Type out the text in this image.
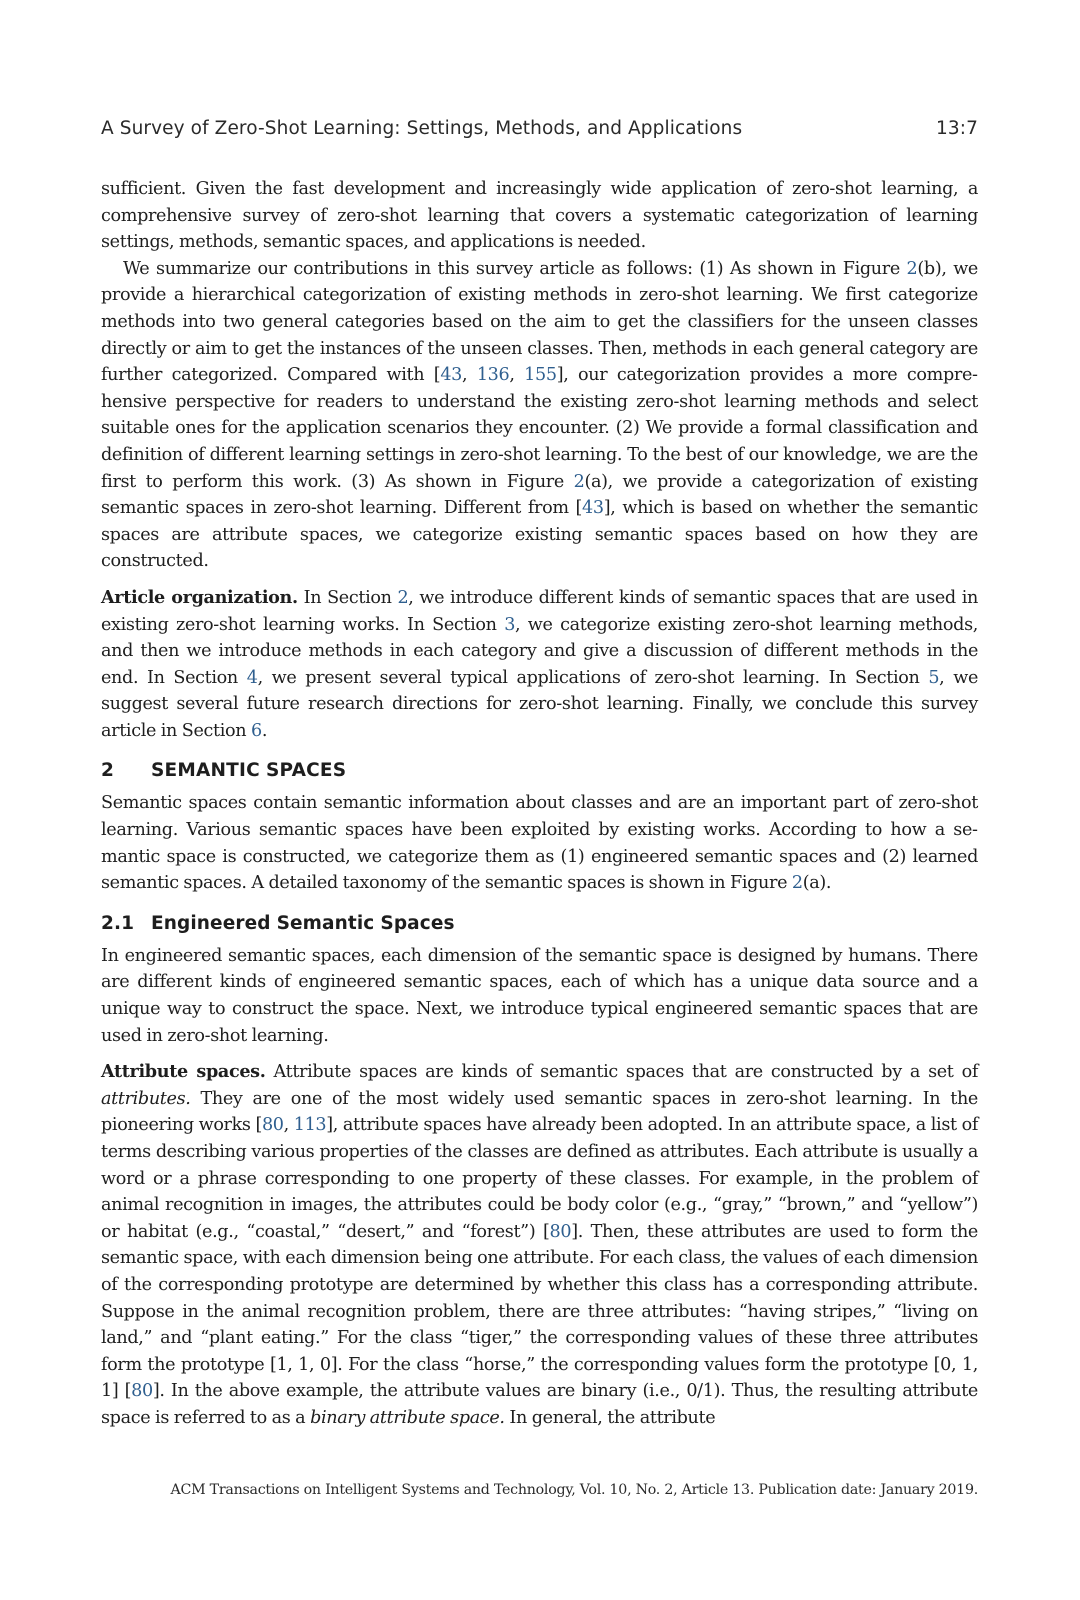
A Survey of Zero-Shot Learning: Settings, Methods, and Applications	13:7

sufficient. Given the fast development and increasingly wide application of zero-shot learning, a comprehensive survey of zero-shot learning that covers a systematic categorization of learning settings, methods, semantic spaces, and applications is needed.

We summarize our contributions in this survey article as follows: (1) As shown in Figure 2(b), we provide a hierarchical categorization of existing methods in zero-shot learning. We first categorize methods into two general categories based on the aim to get the classifiers for the unseen classes directly or aim to get the instances of the unseen classes. Then, methods in each general category are further categorized. Compared with [43, 136, 155], our categorization provides a more comprehensive perspective for readers to understand the existing zero-shot learning methods and select suitable ones for the application scenarios they encounter. (2) We provide a formal classification and definition of different learning settings in zero-shot learning. To the best of our knowledge, we are the first to perform this work. (3) As shown in Figure 2(a), we provide a categorization of existing semantic spaces in zero-shot learning. Different from [43], which is based on whether the semantic spaces are attribute spaces, we categorize existing semantic spaces based on how they are constructed.

Article organization. In Section 2, we introduce different kinds of semantic spaces that are used in existing zero-shot learning works. In Section 3, we categorize existing zero-shot learning methods, and then we introduce methods in each category and give a discussion of different methods in the end. In Section 4, we present several typical applications of zero-shot learning. In Section 5, we suggest several future research directions for zero-shot learning. Finally, we conclude this survey article in Section 6.

2 SEMANTIC SPACES

Semantic spaces contain semantic information about classes and are an important part of zero-shot learning. Various semantic spaces have been exploited by existing works. According to how a semantic space is constructed, we categorize them as (1) engineered semantic spaces and (2) learned semantic spaces. A detailed taxonomy of the semantic spaces is shown in Figure 2(a).

2.1 Engineered Semantic Spaces

In engineered semantic spaces, each dimension of the semantic space is designed by humans. There are different kinds of engineered semantic spaces, each of which has a unique data source and a unique way to construct the space. Next, we introduce typical engineered semantic spaces that are used in zero-shot learning.

Attribute spaces. Attribute spaces are kinds of semantic spaces that are constructed by a set of attributes. They are one of the most widely used semantic spaces in zero-shot learning. In the pioneering works [80, 113], attribute spaces have already been adopted. In an attribute space, a list of terms describing various properties of the classes are defined as attributes. Each attribute is usually a word or a phrase corresponding to one property of these classes. For example, in the problem of animal recognition in images, the attributes could be body color (e.g., “gray,” “brown,” and “yellow”) or habitat (e.g., “coastal,” “desert,” and “forest”) [80]. Then, these attributes are used to form the semantic space, with each dimension being one attribute. For each class, the values of each dimension of the corresponding prototype are determined by whether this class has a corresponding attribute. Suppose in the animal recognition problem, there are three attributes: “having stripes,” “living on land,” and “plant eating.” For the class “tiger,” the corresponding values of these three attributes form the prototype [1, 1, 0]. For the class “horse,” the corresponding values form the prototype [0, 1, 1] [80]. In the above example, the attribute values are binary (i.e., 0/1). Thus, the resulting attribute space is referred to as a binary attribute space. In general, the attribute

ACM Transactions on Intelligent Systems and Technology, Vol. 10, No. 2, Article 13. Publication date: January 2019.
